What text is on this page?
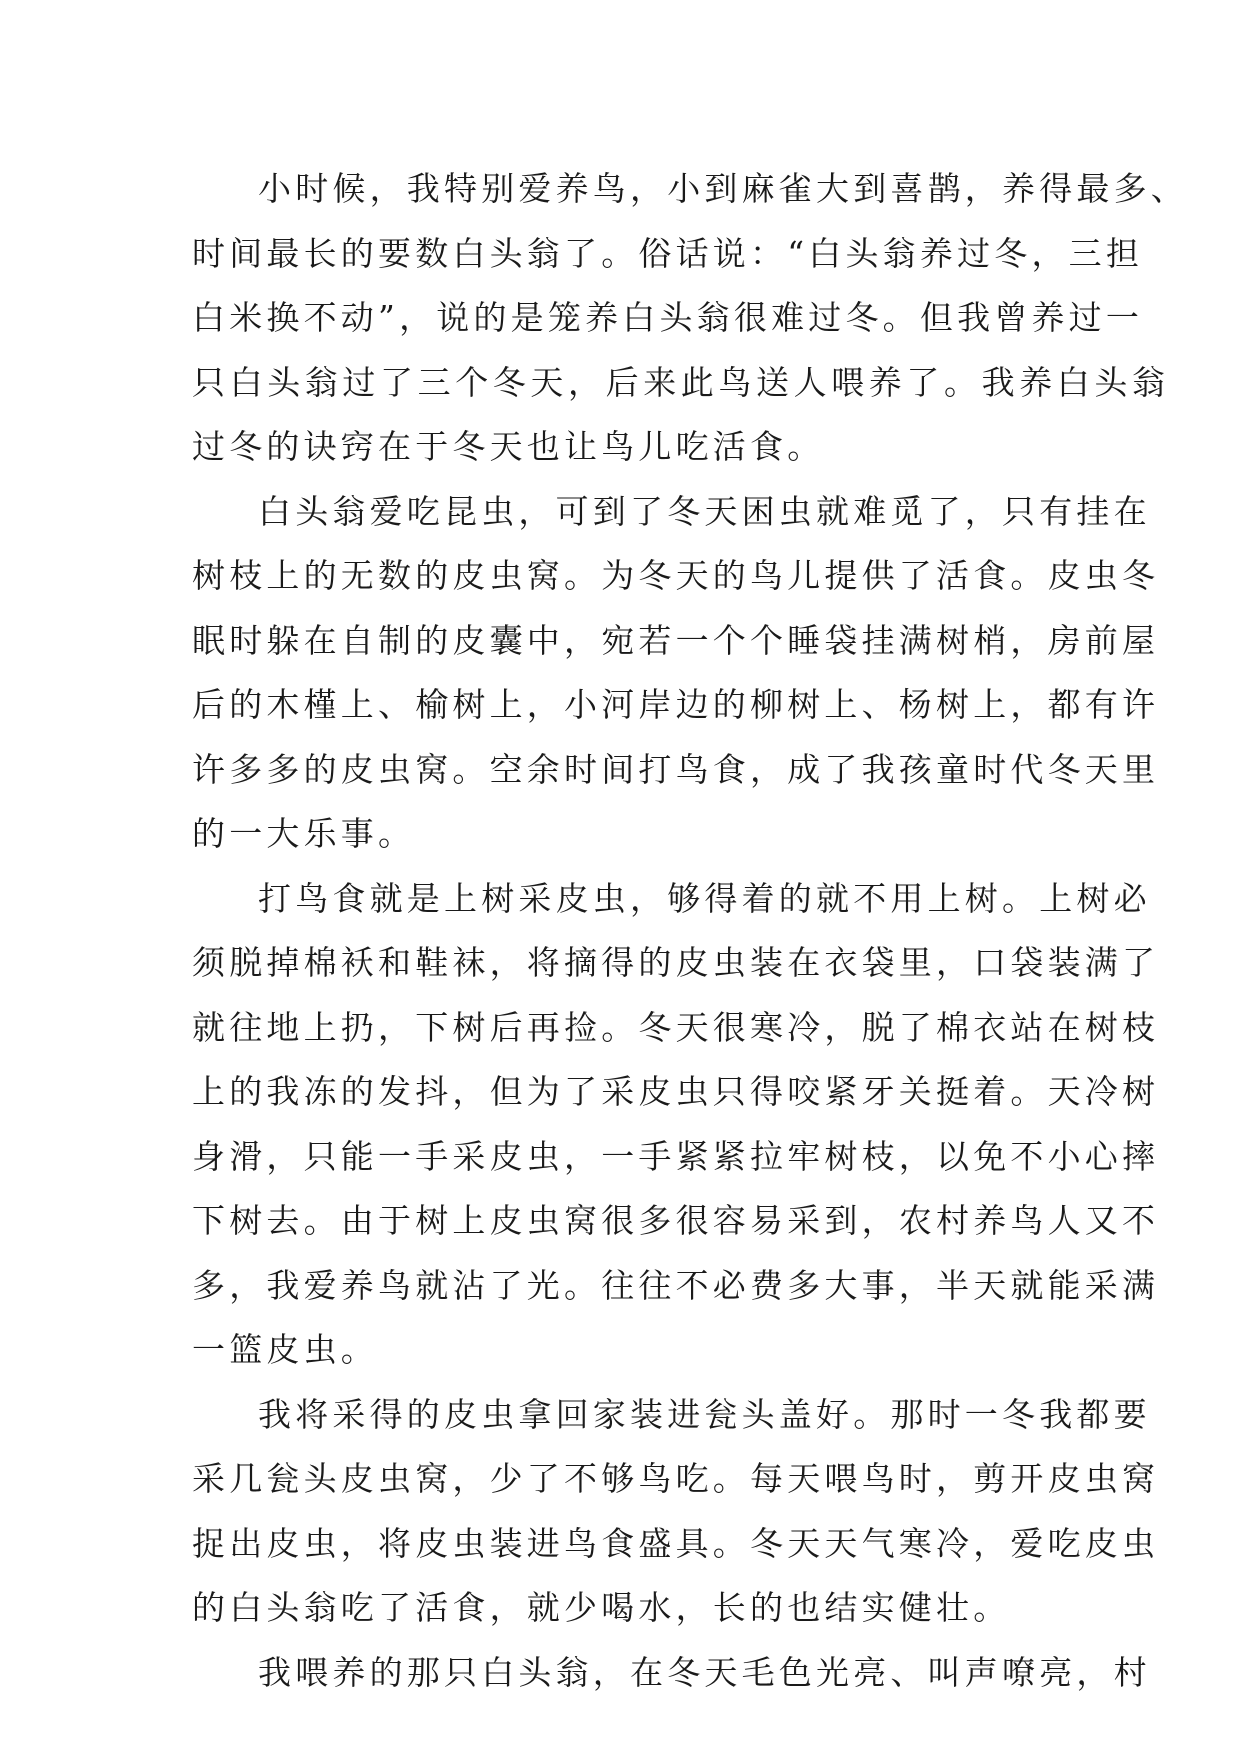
小时候，我特别爱养鸟，小到麻雀大到喜鹊，养得最多、
时间最长的要数白头翁了。俗话说：“白头翁养过冬，三担
白米换不动”，说的是笼养白头翁很难过冬。但我曾养过一
只白头翁过了三个冬天，后来此鸟送人喂养了。我养白头翁
过冬的诀窍在于冬天也让鸟儿吃活食。
白头翁爱吃昆虫，可到了冬天困虫就难觅了，只有挂在
树枝上的无数的皮虫窝。为冬天的鸟儿提供了活食。皮虫冬
眠时躲在自制的皮囊中，宛若一个个睡袋挂满树梢，房前屋
后的木槿上、榆树上，小河岸边的柳树上、杨树上，都有许
许多多的皮虫窝。空余时间打鸟食，成了我孩童时代冬天里
的一大乐事。
打鸟食就是上树采皮虫，够得着的就不用上树。上树必
须脱掉棉袄和鞋袜，将摘得的皮虫装在衣袋里，口袋装满了
就往地上扔，下树后再捡。冬天很寒冷，脱了棉衣站在树枝
上的我冻的发抖，但为了采皮虫只得咬紧牙关挺着。天冷树
身滑，只能一手采皮虫，一手紧紧拉牢树枝，以免不小心摔
下树去。由于树上皮虫窝很多很容易采到，农村养鸟人又不
多，我爱养鸟就沾了光。往往不必费多大事，半天就能采满
一篮皮虫。
我将采得的皮虫拿回家装进瓮头盖好。那时一冬我都要
采几瓮头皮虫窝，少了不够鸟吃。每天喂鸟时，剪开皮虫窝
捉出皮虫，将皮虫装进鸟食盛具。冬天天气寒冷，爱吃皮虫
的白头翁吃了活食，就少喝水，长的也结实健壮。
我喂养的那只白头翁，在冬天毛色光亮、叫声嘹亮，村
